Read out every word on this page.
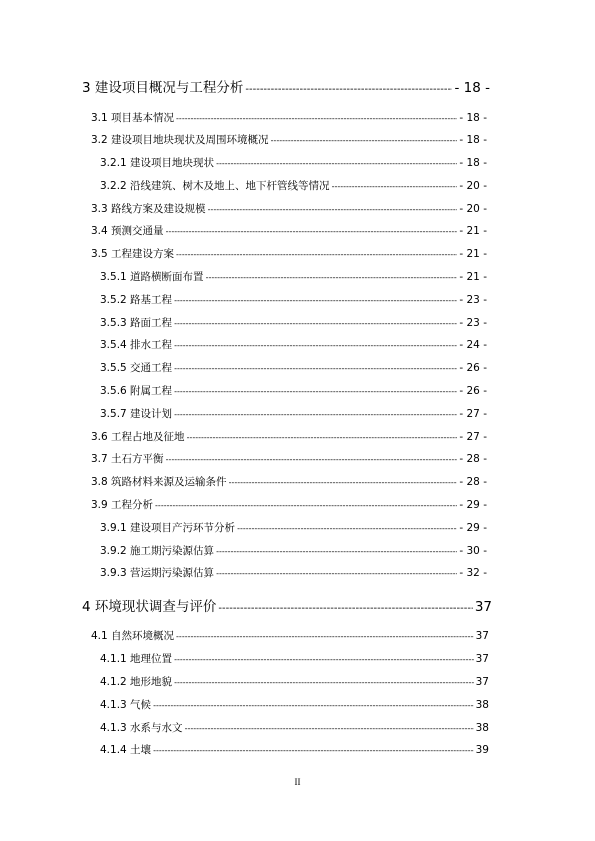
3 建设项目概况与工程分析 -----	- 18 -
3.1 项目基本情况 -----	- 18 -
3.2 建设项目地块现状及周围环境概况 -----	- 18 -
3.2.1 建设项目地块现状 -----	- 18 -
3.2.2 沿线建筑、树木及地上、地下杆管线等情况 -----	- 20 -
3.3 路线方案及建设规模 -----	- 20 -
3.4 预测交通量 -----	- 21 -
3.5 工程建设方案 -----	- 21 -
3.5.1 道路横断面布置 -----	- 21 -
3.5.2 路基工程 -----	- 23 -
3.5.3 路面工程 -----	- 23 -
3.5.4 排水工程 -----	- 24 -
3.5.5 交通工程 -----	- 26 -
3.5.6 附属工程 -----	- 26 -
3.5.7 建设计划 -----	- 27 -
3.6 工程占地及征地 -----	- 27 -
3.7 土石方平衡 -----	- 28 -
3.8 筑路材料来源及运输条件 -----	- 28 -
3.9 工程分析 -----	- 29 -
3.9.1 建设项目产污环节分析 -----	- 29 -
3.9.2 施工期污染源估算 -----	- 30 -
3.9.3 营运期污染源估算 -----	- 32 -
4 环境现状调查与评价 -----	37
4.1 自然环境概况 -----	37
4.1.1 地理位置 -----	37
4.1.2 地形地貌 -----	37
4.1.3 气候 -----	38
4.1.3 水系与水文 -----	38
4.1.4 土壤 -----	39
II
